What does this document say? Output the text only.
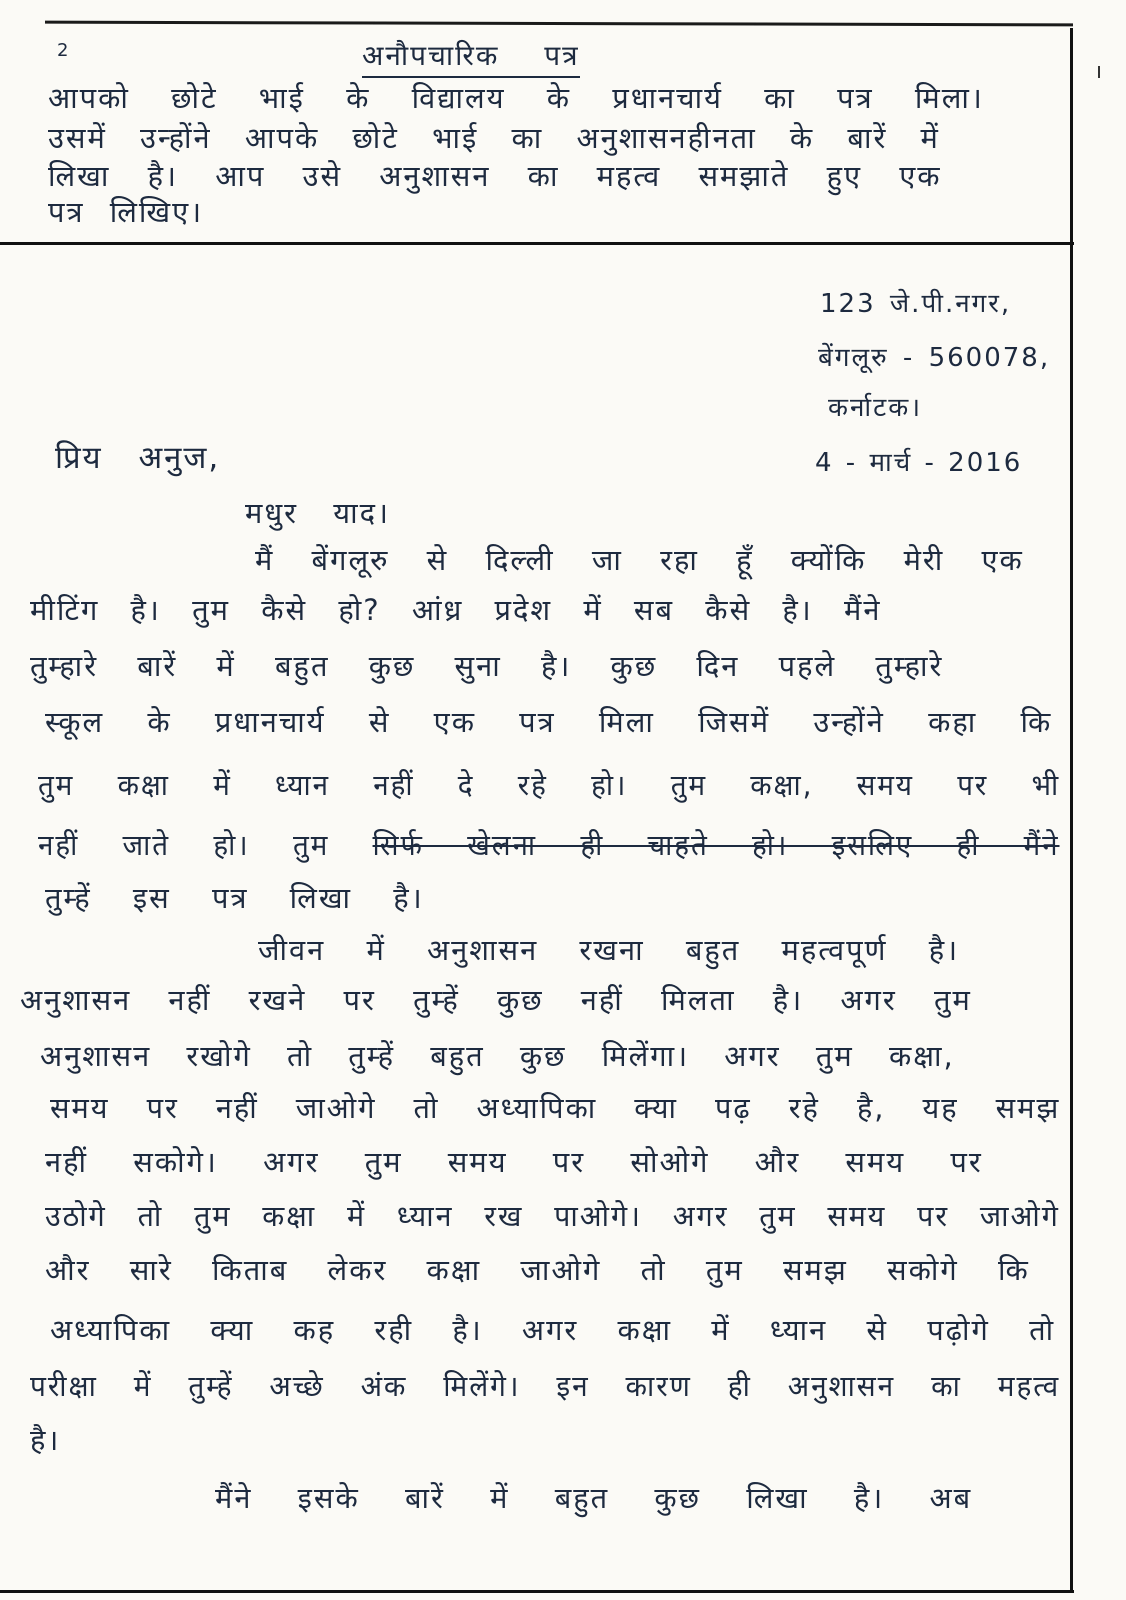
2	अनौपचारिक पत्र
आपको छोटे भाई के विद्यालय के प्रधानचार्य का पत्र मिला।
उसमें उन्होंने आपके छोटे भाई का अनुशासनहीनता के बारें में
लिखा है। आप उसे अनुशासन का महत्व समझाते हुए एक
पत्र लिखिए।
123 जे.पी.नगर,
बेंगलूरु - 560078,
कर्नाटक।
4 - मार्च - 2016
प्रिय अनुज,
मधुर याद।
मैं बेंगलूरु से दिल्ली जा रहा हूँ क्योंकि मेरी एक
मीटिंग है। तुम कैसे हो? आंध्र प्रदेश में सब कैसे है। मैंने
तुम्हारे बारें में बहुत कुछ सुना है। कुछ दिन पहले तुम्हारे
स्कूल के प्रधानचार्य से एक पत्र मिला जिसमें उन्होंने कहा कि
तुम कक्षा में ध्यान नहीं दे रहे हो। तुम कक्षा, समय पर भी
नहीं जाते हो। तुम सिर्फ खेलना ही चाहते हो। इसलिए ही मैंने
तुम्हें इस पत्र लिखा है।
जीवन में अनुशासन रखना बहुत महत्वपूर्ण है।
अनुशासन नहीं रखने पर तुम्हें कुछ नहीं मिलता है। अगर तुम
अनुशासन रखोगे तो तुम्हें बहुत कुछ मिलेंगा। अगर तुम कक्षा,
समय पर नहीं जाओगे तो अध्यापिका क्या पढ़ रहे है, यह समझ
नहीं सकोगे। अगर तुम समय पर सोओगे और समय पर
उठोगे तो तुम कक्षा में ध्यान रख पाओगे। अगर तुम समय पर जाओगे
और सारे किताब लेकर कक्षा जाओगे तो तुम समझ सकोगे कि
अध्यापिका क्या कह रही है। अगर कक्षा में ध्यान से पढ़ोगे तो
परीक्षा में तुम्हें अच्छे अंक मिलेंगे। इन कारण ही अनुशासन का महत्व
है।
मैंने इसके बारें में बहुत कुछ लिखा है। अब
